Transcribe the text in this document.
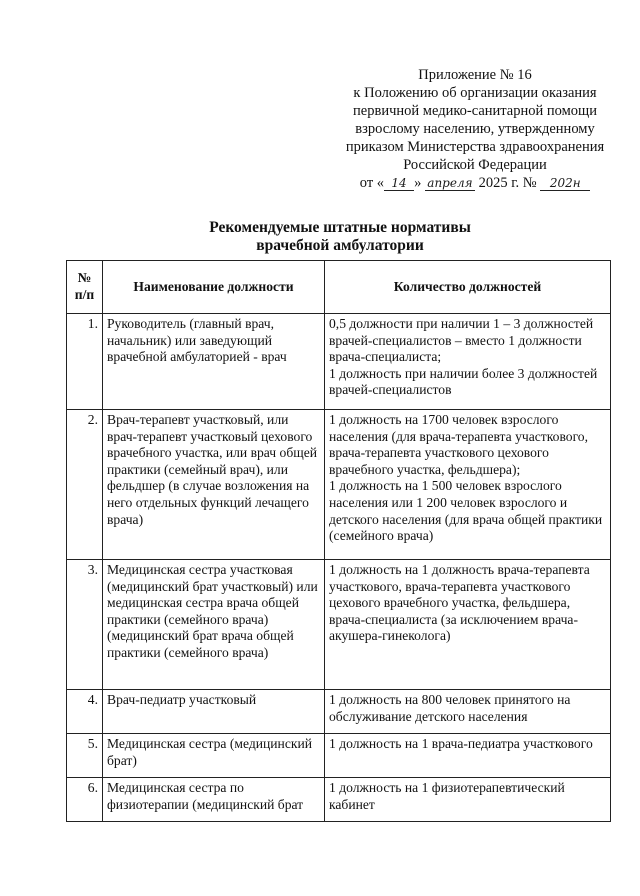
Приложение № 16
к Положению об организации оказания
первичной медико-санитарной помощи
взрослому населению, утвержденному
приказом Министерства здравоохранения
Российской Федерации
от « 14 » апреля 2025 г. № 202н
Рекомендуемые штатные нормативы
врачебной амбулатории
№
п/п	Наименование должности	Количество должностей
1.	Руководитель (главный врач, начальник) или заведующий врачебной амбулаторией - врач	0,5 должности при наличии 1 – 3 должностей врачей-специалистов – вместо 1 должности врача-специалиста;
1 должность при наличии более 3 должностей врачей-специалистов
2.	Врач-терапевт участковый, или врач-терапевт участковый цехового врачебного участка, или врач общей практики (семейный врач), или фельдшер (в случае возложения на него отдельных функций лечащего врача)	1 должность на 1700 человек взрослого населения (для врача-терапевта участкового, врача-терапевта участкового цехового врачебного участка, фельдшера);
1 должность на 1 500 человек взрослого населения или 1 200 человек взрослого и детского населения (для врача общей практики (семейного врача)
3.	Медицинская сестра участковая (медицинский брат участковый) или медицинская сестра врача общей практики (семейного врача) (медицинский брат врача общей практики (семейного врача)	1 должность на 1 должность врача-терапевта участкового, врача-терапевта участкового цехового врачебного участка, фельдшера, врача-специалиста (за исключением врача-акушера-гинеколога)
4.	Врач-педиатр участковый	1 должность на 800 человек принятого на обслуживание детского населения
5.	Медицинская сестра (медицинский брат)	1 должность на 1 врача-педиатра участкового
6.	Медицинская сестра по физиотерапии (медицинский брат	1 должность на 1 физиотерапевтический кабинет
